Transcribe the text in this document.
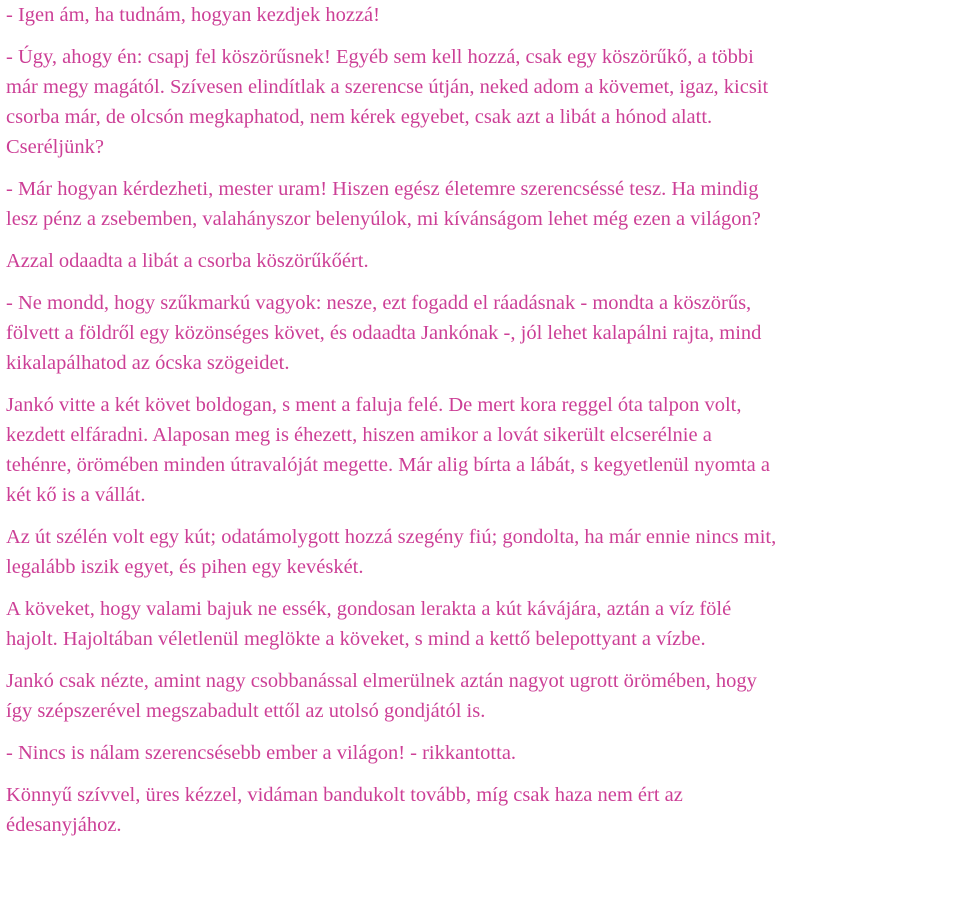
- Igen ám, ha tudnám, hogyan kezdjek hozzá!

- Úgy, ahogy én: csapj fel köszörűsnek! Egyéb sem kell hozzá, csak egy köszörűkő, a többi
már megy magától. Szívesen elindítlak a szerencse útján, neked adom a kövemet, igaz, kicsit
csorba már, de olcsón megkaphatod, nem kérek egyebet, csak azt a libát a hónod alatt.
Cseréljünk?

- Már hogyan kérdezheti, mester uram! Hiszen egész életemre szerencséssé tesz. Ha mindig
lesz pénz a zsebemben, valahányszor belenyúlok, mi kívánságom lehet még ezen a világon?

Azzal odaadta a libát a csorba köszörűkőért.

- Ne mondd, hogy szűkmarkú vagyok: nesze, ezt fogadd el ráadásnak - mondta a köszörűs,
fölvett a földről egy közönséges követ, és odaadta Jankónak -, jól lehet kalapálni rajta, mind
kikalapálhatod az ócska szögeidet.

Jankó vitte a két követ boldogan, s ment a faluja felé. De mert kora reggel óta talpon volt,
kezdett elfáradni. Alaposan meg is éhezett, hiszen amikor a lovát sikerült elcserélnie a
tehénre, örömében minden útravalóját megette. Már alig bírta a lábát, s kegyetlenül nyomta a
két kő is a vállát.

Az út szélén volt egy kút; odatámolygott hozzá szegény fiú; gondolta, ha már ennie nincs mit,
legalább iszik egyet, és pihen egy kevéskét.

A köveket, hogy valami bajuk ne essék, gondosan lerakta a kút kávájára, aztán a víz fölé
hajolt. Hajoltában véletlenül meglökte a köveket, s mind a kettő belepottyant a vízbe.

Jankó csak nézte, amint nagy csobbanással elmerülnek aztán nagyot ugrott örömében, hogy
így szépszerével megszabadult ettől az utolsó gondjától is.

- Nincs is nálam szerencsésebb ember a világon! - rikkantotta.

Könnyű szívvel, üres kézzel, vidáman bandukolt tovább, míg csak haza nem ért az
édesanyjához.
